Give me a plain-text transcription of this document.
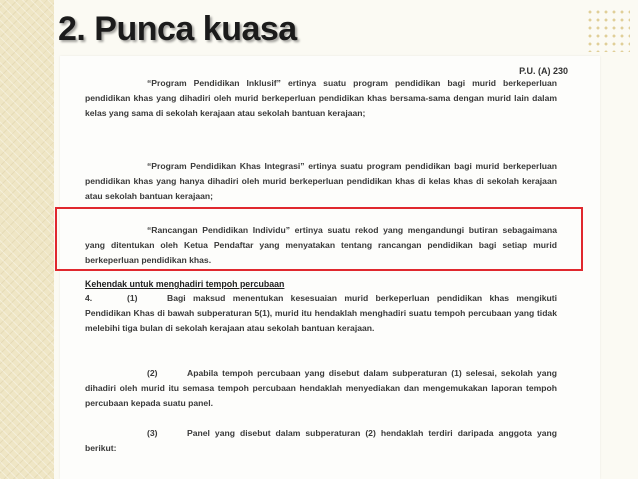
2. Punca kuasa
P.U. (A) 230

“Program Pendidikan Inklusif” ertinya suatu program pendidikan bagi murid berkeperluan pendidikan khas yang dihadiri oleh murid berkeperluan pendidikan khas bersama-sama dengan murid lain dalam kelas yang sama di sekolah kerajaan atau sekolah bantuan kerajaan;

“Program Pendidikan Khas Integrasi” ertinya suatu program pendidikan bagi murid berkeperluan pendidikan khas yang hanya dihadiri oleh murid berkeperluan pendidikan khas di kelas khas di sekolah kerajaan atau sekolah bantuan kerajaan;

“Rancangan Pendidikan Individu” ertinya suatu rekod yang mengandungi butiran sebagaimana yang ditentukan oleh Ketua Pendaftar yang menyatakan tentang rancangan pendidikan bagi setiap murid berkeperluan pendidikan khas.

Kehendak untuk menghadiri tempoh percubaan

4.	(1)	Bagi maksud menentukan kesesuaian murid berkeperluan pendidikan khas mengikuti Pendidikan Khas di bawah subperaturan 5(1), murid itu hendaklah menghadiri suatu tempoh percubaan yang tidak melebihi tiga bulan di sekolah kerajaan atau sekolah bantuan kerajaan.

(2)	Apabila tempoh percubaan yang disebut dalam subperaturan (1) selesai, sekolah yang dihadiri oleh murid itu semasa tempoh percubaan hendaklah menyediakan dan mengemukakan laporan tempoh percubaan kepada suatu panel.

(3)	Panel yang disebut dalam subperaturan (2) hendaklah terdiri daripada anggota yang berikut:
